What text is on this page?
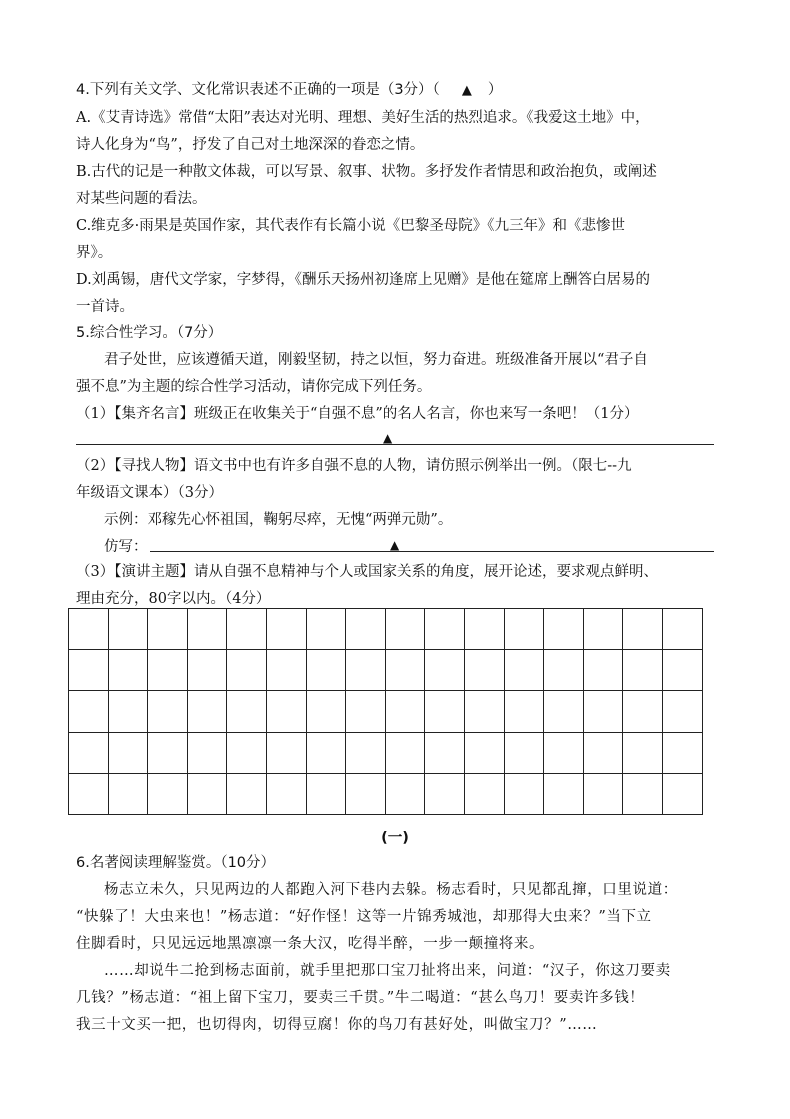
4.下列有关文学、文化常识表述不正确的一项是（3分）（ ▲ ）
A.《艾青诗选》常借“太阳”表达对光明、理想、美好生活的热烈追求。《我爱这土地》中，
诗人化身为“鸟”，抒发了自己对土地深深的眷恋之情。
B.古代的记是一种散文体裁，可以写景、叙事、状物。多抒发作者情思和政治抱负，或阐述
对某些问题的看法。
C.维克多·雨果是英国作家，其代表作有长篇小说《巴黎圣母院》《九三年》和《悲惨世
界》。
D.刘禹锡，唐代文学家，字梦得，《酬乐天扬州初逢席上见赠》是他在筵席上酬答白居易的
一首诗。
5.综合性学习。（7分）
君子处世，应该遵循天道，刚毅坚韧，持之以恒，努力奋进。班级准备开展以“君子自
强不息”为主题的综合性学习活动，请你完成下列任务。
（1）【集齐名言】班级正在收集关于“自强不息”的名人名言，你也来写一条吧！（1分）
▲
（2）【寻找人物】语文书中也有许多自强不息的人物，请仿照示例举出一例。（限七--九
年级语文课本）（3分）
示例：邓稼先心怀祖国，鞠躬尽瘁，无愧“两弹元勋”。
仿写：	▲
（3）【演讲主题】请从自强不息精神与个人或国家关系的角度，展开论述，要求观点鲜明、
理由充分，80字以内。（4分）

(一)
6.名著阅读理解鉴赏。（10分）
杨志立未久，只见两边的人都跑入河下巷内去躲。杨志看时，只见都乱撺，口里说道：
“快躲了！大虫来也！”杨志道：“好作怪！这等一片锦秀城池，却那得大虫来？”当下立
住脚看时，只见远远地黑凛凛一条大汉，吃得半醉，一步一颠撞将来。
……却说牛二抢到杨志面前，就手里把那口宝刀扯将出来，问道：“汉子，你这刀要卖
几钱？”杨志道：“祖上留下宝刀，要卖三千贯。”牛二喝道：“甚么鸟刀！要卖许多钱！
我三十文买一把，也切得肉，切得豆腐！你的鸟刀有甚好处，叫做宝刀？”……
